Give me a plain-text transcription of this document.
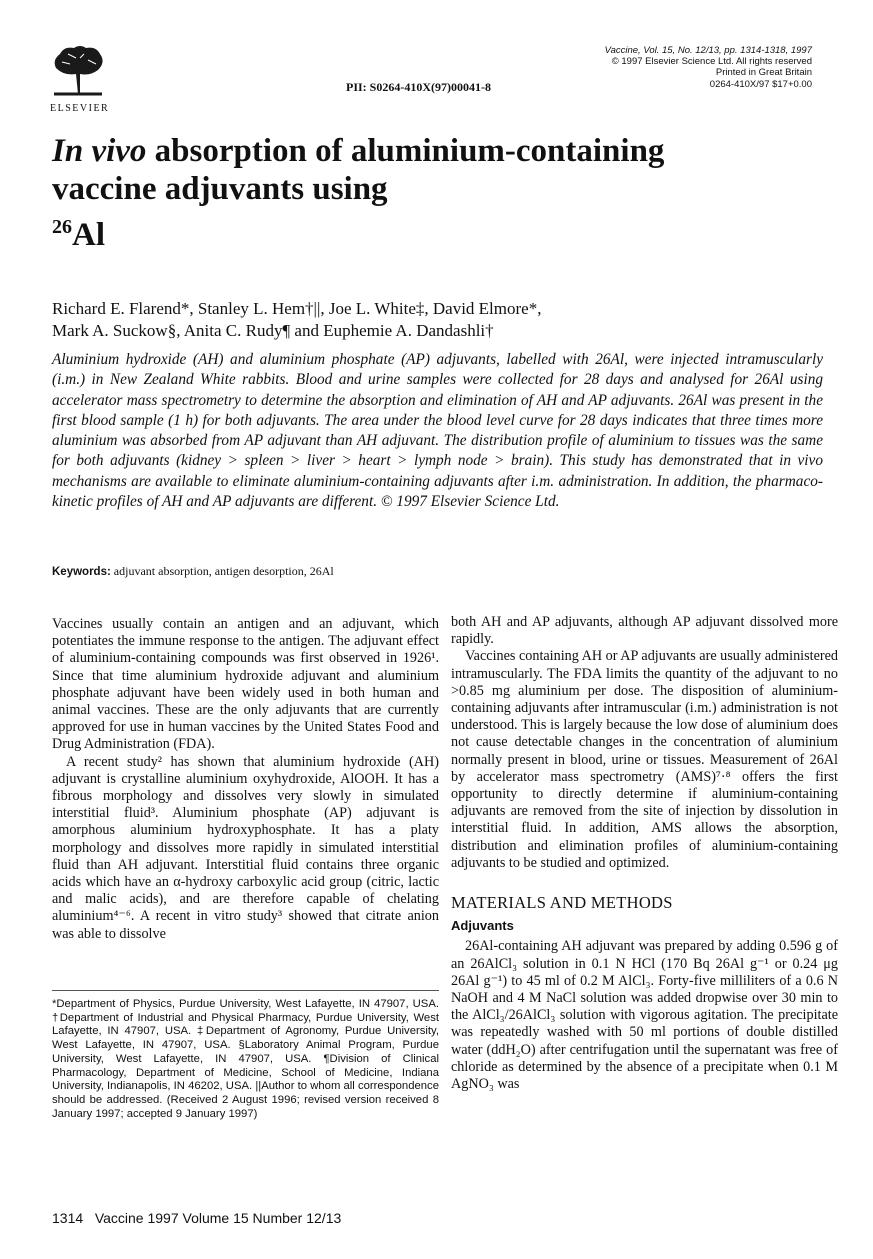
ELSEVIER
PII: S0264-410X(97)00041-8
Vaccine, Vol. 15, No. 12/13, pp. 1314-1318, 1997
© 1997 Elsevier Science Ltd. All rights reserved
Printed in Great Britain
0264-410X/97 $17+0.00
In vivo absorption of aluminium-containing vaccine adjuvants using
$^{26}$Al
Richard E. Flarend*, Stanley L. Hem†||, Joe L. White‡, David Elmore*,
Mark A. Suckow§, Anita C. Rudy¶ and Euphemie A. Dandashli†

Aluminium hydroxide (AH) and aluminium phosphate (AP) adjuvants, labelled with 26Al, were injected intramuscularly (i.m.) in New Zealand White rabbits. Blood and urine samples were collected for 28 days and analysed for 26Al using accelerator mass spectrometry to determine the absorption and elimination of AH and AP adjuvants. 26Al was present in the first blood sample (1 h) for both adjuvants. The area under the blood level curve for 28 days indicates that three times more aluminium was absorbed from AP adjuvant than AH adjuvant. The distribution profile of aluminium to tissues was the same for both adjuvants (kidney > spleen > liver > heart > lymph node > brain). This study has demonstrated that in vivo mechanisms are available to eliminate aluminium-containing adjuvants after i.m. administration. In addition, the pharmaco-kinetic profiles of AH and AP adjuvants are different. © 1997 Elsevier Science Ltd.

Keywords: adjuvant absorption, antigen desorption, 26Al

Vaccines usually contain an antigen and an adjuvant, which potentiates the immune response to the antigen. The adjuvant effect of aluminium-containing compounds was first observed in 1926¹. Since that time aluminium hydroxide adjuvant and aluminium phosphate adjuvant have been widely used in both human and animal vaccines. These are the only adjuvants that are currently approved for use in human vaccines by the United States Food and Drug Administration (FDA).

A recent study² has shown that aluminium hydroxide (AH) adjuvant is crystalline aluminium oxyhydroxide, AlOOH. It has a fibrous morphology and dissolves very slowly in simulated interstitial fluid³. Aluminium phosphate (AP) adjuvant is amorphous aluminium hydroxyphosphate. It has a platy morphology and dissolves more rapidly in simulated interstitial fluid than AH adjuvant. Interstitial fluid contains three organic acids which have an α-hydroxy carboxylic acid group (citric, lactic and malic acids), and are therefore capable of chelating aluminium⁴⁻⁶. A recent in vitro study³ showed that citrate anion was able to dissolve

*Department of Physics, Purdue University, West Lafayette, IN 47907, USA. †Department of Industrial and Physical Pharmacy, Purdue University, West Lafayette, IN 47907, USA. ‡Department of Agronomy, Purdue University, West Lafayette, IN 47907, USA. §Laboratory Animal Program, Purdue University, West Lafayette, IN 47907, USA. ¶Division of Clinical Pharmacology, Department of Medicine, School of Medicine, Indiana University, Indianapolis, IN 46202, USA. ||Author to whom all correspondence should be addressed. (Received 2 August 1996; revised version received 8 January 1997; accepted 9 January 1997)

both AH and AP adjuvants, although AP adjuvant dissolved more rapidly.

Vaccines containing AH or AP adjuvants are usually administered intramuscularly. The FDA limits the quantity of the adjuvant to no >0.85 mg aluminium per dose. The disposition of aluminium-containing adjuvants after intramuscular (i.m.) administration is not understood. This is largely because the low dose of aluminium does not cause detectable changes in the concentration of aluminium normally present in blood, urine or tissues. Measurement of 26Al by accelerator mass spectrometry (AMS)⁷·⁸ offers the first opportunity to directly determine if aluminium-containing adjuvants are removed from the site of injection by dissolution in interstitial fluid. In addition, AMS allows the absorption, distribution and elimination profiles of aluminium-containing adjuvants to be studied and optimized.

MATERIALS AND METHODS
Adjuvants

26Al-containing AH adjuvant was prepared by adding 0.596 g of an 26AlCl₃ solution in 0.1 N HCl (170 Bq 26Al g⁻¹ or 0.24 μg 26Al g⁻¹) to 45 ml of 0.2 M AlCl₃. Forty-five milliliters of a 0.6 N NaOH and 4 M NaCl solution was added dropwise over 30 min to the AlCl₃/26AlCl₃ solution with vigorous agitation. The precipitate was repeatedly washed with 50 ml portions of double distilled water (ddH₂O) after centrifugation until the supernatant was free of chloride as determined by the absence of a precipitate when 0.1 M AgNO₃ was

1314   Vaccine 1997 Volume 15 Number 12/13
